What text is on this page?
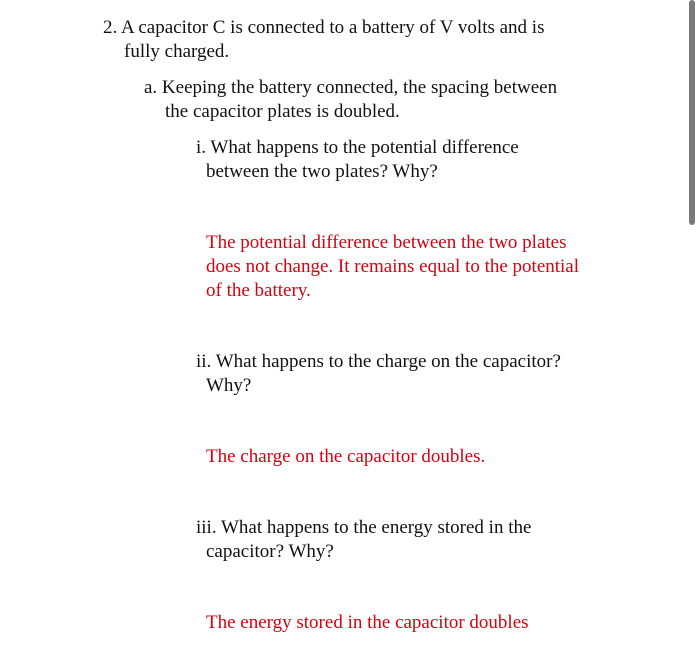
2. A capacitor C is connected to a battery of V volts and is
fully charged.
a. Keeping the battery connected, the spacing between
the capacitor plates is doubled.
i. What happens to the potential difference
between the two plates? Why?
The potential difference between the two plates
does not change. It remains equal to the potential
of the battery.
ii. What happens to the charge on the capacitor?
Why?
The charge on the capacitor doubles.
iii. What happens to the energy stored in the
capacitor? Why?
The energy stored in the capacitor doubles
